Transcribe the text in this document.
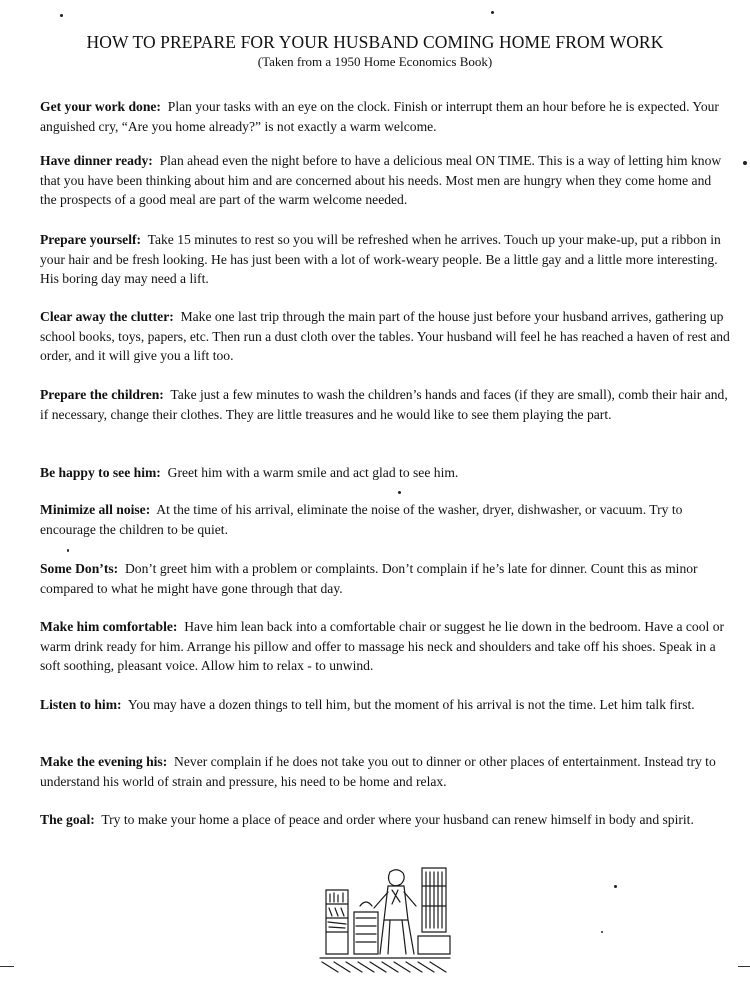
HOW TO PREPARE FOR YOUR HUSBAND COMING HOME FROM WORK
(Taken from a 1950 Home Economics Book)
Get your work done: Plan your tasks with an eye on the clock. Finish or interrupt them an hour before he is expected. Your anguished cry, “Are you home already?” is not exactly a warm welcome.
Have dinner ready: Plan ahead even the night before to have a delicious meal ON TIME. This is a way of letting him know that you have been thinking about him and are concerned about his needs. Most men are hungry when they come home and the prospects of a good meal are part of the warm welcome needed.
Prepare yourself: Take 15 minutes to rest so you will be refreshed when he arrives. Touch up your make-up, put a ribbon in your hair and be fresh looking. He has just been with a lot of work-weary people. Be a little gay and a little more interesting. His boring day may need a lift.
Clear away the clutter: Make one last trip through the main part of the house just before your husband arrives, gathering up school books, toys, papers, etc. Then run a dust cloth over the tables. Your husband will feel he has reached a haven of rest and order, and it will give you a lift too.
Prepare the children: Take just a few minutes to wash the children’s hands and faces (if they are small), comb their hair and, if necessary, change their clothes. They are little treasures and he would like to see them playing the part.
Be happy to see him: Greet him with a warm smile and act glad to see him.
Minimize all noise: At the time of his arrival, eliminate the noise of the washer, dryer, dishwasher, or vacuum. Try to encourage the children to be quiet.
Some Don’ts: Don’t greet him with a problem or complaints. Don’t complain if he’s late for dinner. Count this as minor compared to what he might have gone through that day.
Make him comfortable: Have him lean back into a comfortable chair or suggest he lie down in the bedroom. Have a cool or warm drink ready for him. Arrange his pillow and offer to massage his neck and shoulders and take off his shoes. Speak in a soft soothing, pleasant voice. Allow him to relax - to unwind.
Listen to him: You may have a dozen things to tell him, but the moment of his arrival is not the time. Let him talk first.
Make the evening his: Never complain if he does not take you out to dinner or other places of entertainment. Instead try to understand his world of strain and pressure, his need to be home and relax.
The goal: Try to make your home a place of peace and order where your husband can renew himself in body and spirit.
